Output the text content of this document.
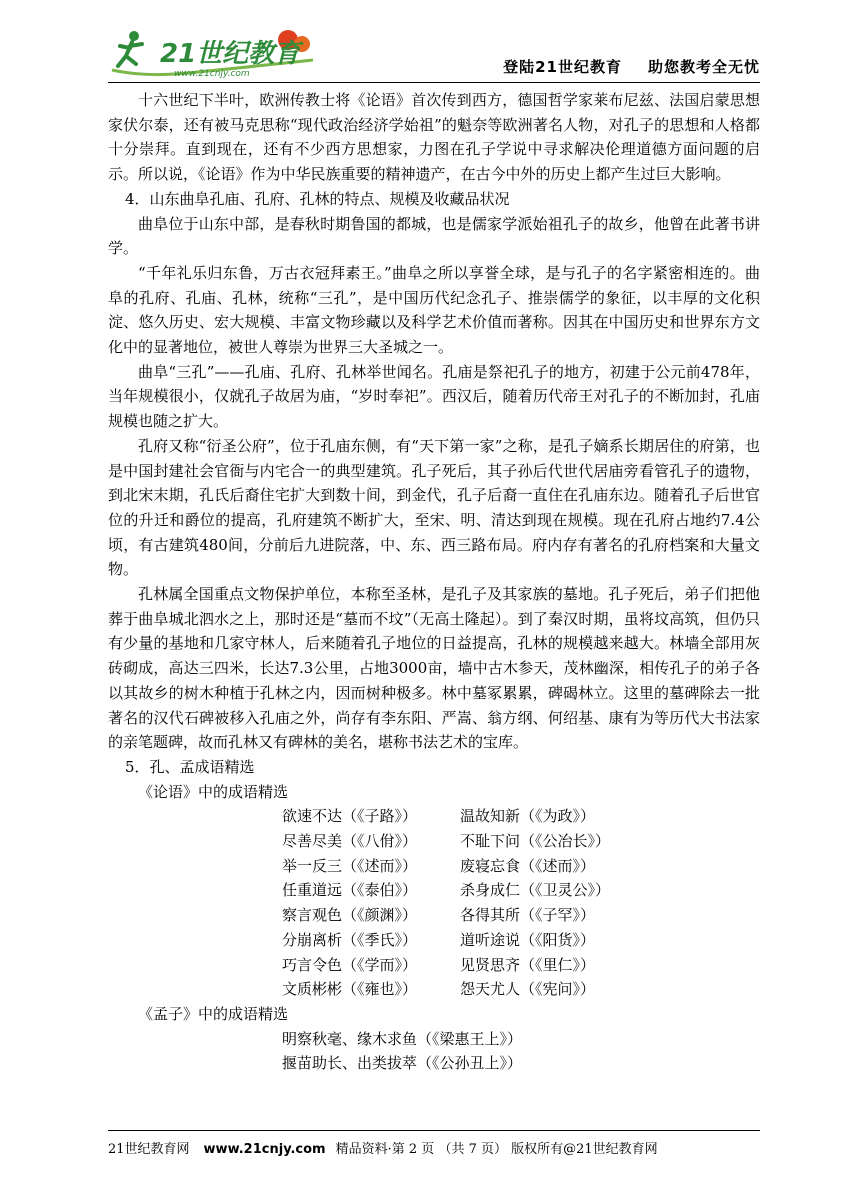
21世纪教育
www.21cnjy.com	登陆21世纪教育 助您教考全无忧

十六世纪下半叶，欧洲传教士将《论语》首次传到西方，德国哲学家莱布尼兹、法国启蒙思想家伏尔泰，还有被马克思称“现代政治经济学始祖”的魁奈等欧洲著名人物，对孔子的思想和人格都十分崇拜。直到现在，还有不少西方思想家，力图在孔子学说中寻求解决伦理道德方面问题的启示。所以说，《论语》作为中华民族重要的精神遗产，在古今中外的历史上都产生过巨大影响。

4．山东曲阜孔庙、孔府、孔林的特点、规模及收藏品状况

曲阜位于山东中部，是春秋时期鲁国的都城，也是儒家学派始祖孔子的故乡，他曾在此著书讲学。

“千年礼乐归东鲁，万古衣冠拜素王。”曲阜之所以享誉全球，是与孔子的名字紧密相连的。曲阜的孔府、孔庙、孔林，统称“三孔”，是中国历代纪念孔子、推崇儒学的象征，以丰厚的文化积淀、悠久历史、宏大规模、丰富文物珍藏以及科学艺术价值而著称。因其在中国历史和世界东方文化中的显著地位，被世人尊崇为世界三大圣城之一。

曲阜“三孔”——孔庙、孔府、孔林举世闻名。孔庙是祭祀孔子的地方，初建于公元前478年，当年规模很小，仅就孔子故居为庙，“岁时奉祀”。西汉后，随着历代帝王对孔子的不断加封，孔庙规模也随之扩大。

孔府又称“衍圣公府”，位于孔庙东侧，有“天下第一家”之称，是孔子嫡系长期居住的府第，也是中国封建社会官衙与内宅合一的典型建筑。孔子死后，其子孙后代世代居庙旁看管孔子的遗物，到北宋末期，孔氏后裔住宅扩大到数十间，到金代，孔子后裔一直住在孔庙东边。随着孔子后世官位的升迁和爵位的提高，孔府建筑不断扩大，至宋、明、清达到现在规模。现在孔府占地约7.4公顷，有古建筑480间，分前后九进院落，中、东、西三路布局。府内存有著名的孔府档案和大量文物。

孔林属全国重点文物保护单位，本称至圣林，是孔子及其家族的墓地。孔子死后，弟子们把他葬于曲阜城北泗水之上，那时还是“墓而不坟”（无高土隆起）。到了秦汉时期，虽将坟高筑，但仍只有少量的基地和几家守林人，后来随着孔子地位的日益提高，孔林的规模越来越大。林墙全部用灰砖砌成，高达三四米，长达7.3公里，占地3000亩，墙中古木参天，茂林幽深，相传孔子的弟子各以其故乡的树木种植于孔林之内，因而树种极多。林中墓冢累累，碑碣林立。这里的墓碑除去一批著名的汉代石碑被移入孔庙之外，尚存有李东阳、严嵩、翁方纲、何绍基、康有为等历代大书法家的亲笔题碑，故而孔林又有碑林的美名，堪称书法艺术的宝库。

5．孔、孟成语精选

《论语》中的成语精选

欲速不达（《子路》）	温故知新（《为政》）
尽善尽美（《八佾》）	不耻下问（《公冶长》）
举一反三（《述而》）	废寝忘食（《述而》）
任重道远（《泰伯》）	杀身成仁（《卫灵公》）
察言观色（《颜渊》）	各得其所（《子罕》）
分崩离析（《季氏》）	道听途说（《阳货》）
巧言令色（《学而》）	见贤思齐（《里仁》）
文质彬彬（《雍也》）	怨天尤人（《宪问》）

《孟子》中的成语精选

明察秋毫、缘木求鱼（《梁惠王上》）
揠苗助长、出类拔萃（《公孙丑上》）
21世纪教育网 www.21cnjy.com 精品资料·第 2 页 （共 7 页） 版权所有@21世纪教育网
